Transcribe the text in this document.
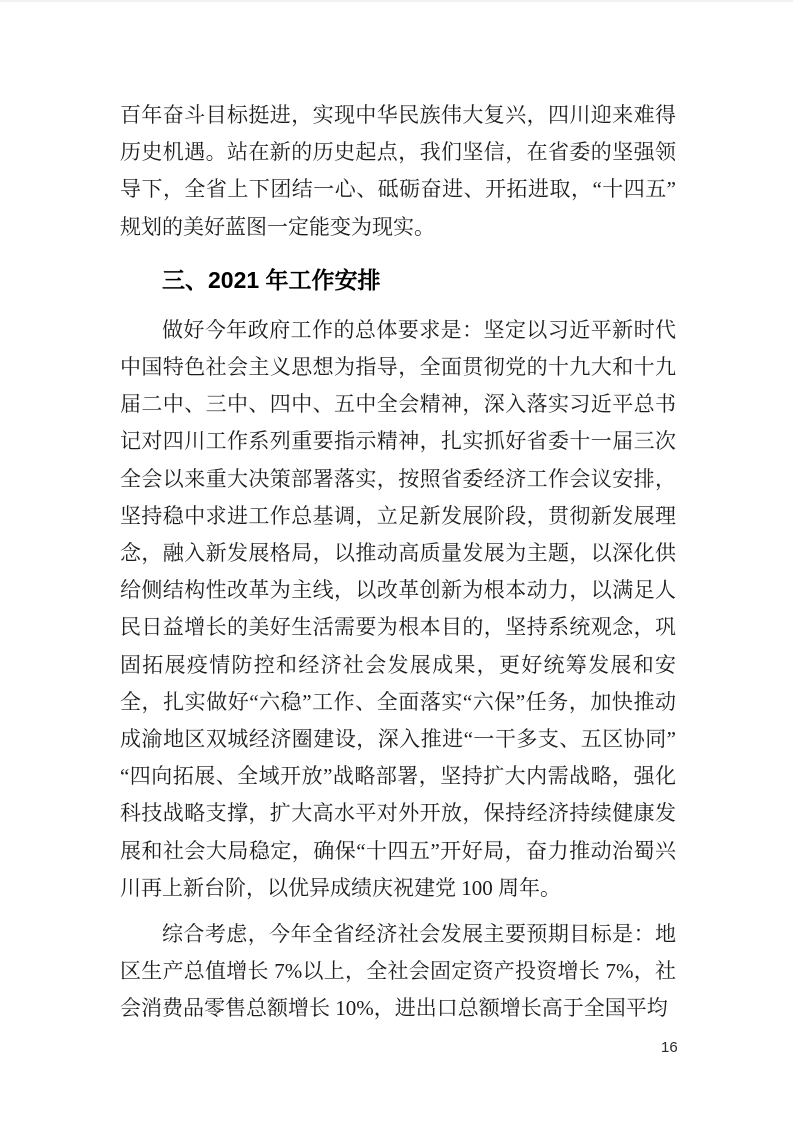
百年奋斗目标挺进，实现中华民族伟大复兴，四川迎来难得历史机遇。站在新的历史起点，我们坚信，在省委的坚强领导下，全省上下团结一心、砥砺奋进、开拓进取，“十四五”规划的美好蓝图一定能变为现实。

三、2021 年工作安排

做好今年政府工作的总体要求是：坚定以习近平新时代中国特色社会主义思想为指导，全面贯彻党的十九大和十九届二中、三中、四中、五中全会精神，深入落实习近平总书记对四川工作系列重要指示精神，扎实抓好省委十一届三次全会以来重大决策部署落实，按照省委经济工作会议安排，坚持稳中求进工作总基调，立足新发展阶段，贯彻新发展理念，融入新发展格局，以推动高质量发展为主题，以深化供给侧结构性改革为主线，以改革创新为根本动力，以满足人民日益增长的美好生活需要为根本目的，坚持系统观念，巩固拓展疫情防控和经济社会发展成果，更好统筹发展和安全，扎实做好“六稳”工作、全面落实“六保”任务，加快推动成渝地区双城经济圈建设，深入推进“一干多支、五区协同”“四向拓展、全域开放”战略部署，坚持扩大内需战略，强化科技战略支撑，扩大高水平对外开放，保持经济持续健康发展和社会大局稳定，确保“十四五”开好局，奋力推动治蜀兴川再上新台阶，以优异成绩庆祝建党 100 周年。

综合考虑，今年全省经济社会发展主要预期目标是：地区生产总值增长 7%以上，全社会固定资产投资增长 7%，社会消费品零售总额增长 10%，进出口总额增长高于全国平均

16
